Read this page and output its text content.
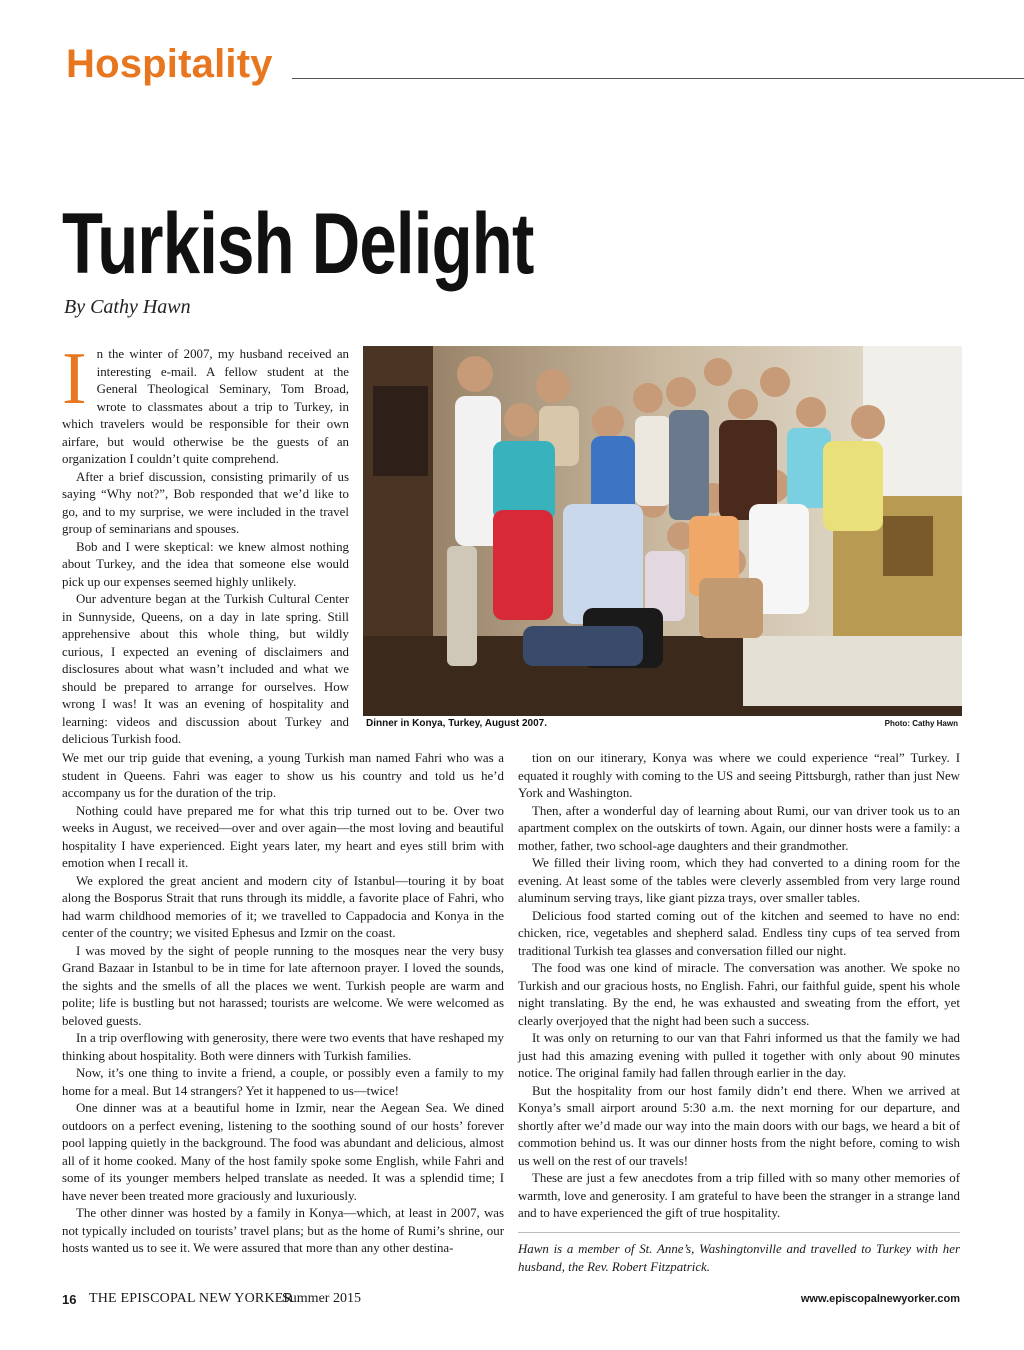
Hospitality
Turkish Delight
By Cathy Hawn

In the winter of 2007, my husband received an interesting e-mail. A fellow student at the General Theological Seminary, Tom Broad, wrote to classmates about a trip to Turkey, in which travelers would be responsible for their own airfare, but would otherwise be the guests of an organization I couldn’t quite comprehend.

After a brief discussion, consisting primarily of us saying “Why not?”, Bob responded that we’d like to go, and to my surprise, we were included in the travel group of seminarians and spouses.

Bob and I were skeptical: we knew almost nothing about Turkey, and the idea that someone else would pick up our expenses seemed highly unlikely.

Our adventure began at the Turkish Cultural Center in Sunnyside, Queens, on a day in late spring. Still apprehensive about this whole thing, but wildly curious, I expected an evening of disclaimers and disclosures about what wasn’t included and what we should be prepared to arrange for ourselves. How wrong I was! It was an evening of hospitality and learning: videos and discussion about Turkey and delicious Turkish food.

Dinner in Konya, Turkey, August 2007.	Photo: Cathy Hawn

We met our trip guide that evening, a young Turkish man named Fahri who was a student in Queens. Fahri was eager to show us his country and told us he’d accompany us for the duration of the trip.

Nothing could have prepared me for what this trip turned out to be. Over two weeks in August, we received—over and over again—the most loving and beautiful hospitality I have experienced. Eight years later, my heart and eyes still brim with emotion when I recall it.

We explored the great ancient and modern city of Istanbul—touring it by boat along the Bosporus Strait that runs through its middle, a favorite place of Fahri, who had warm childhood memories of it; we travelled to Cappadocia and Konya in the center of the country; we visited Ephesus and Izmir on the coast.

I was moved by the sight of people running to the mosques near the very busy Grand Bazaar in Istanbul to be in time for late afternoon prayer. I loved the sounds, the sights and the smells of all the places we went. Turkish people are warm and polite; life is bustling but not harassed; tourists are welcome. We were welcomed as beloved guests.

In a trip overflowing with generosity, there were two events that have reshaped my thinking about hospitality. Both were dinners with Turkish families.

Now, it’s one thing to invite a friend, a couple, or possibly even a family to my home for a meal. But 14 strangers? Yet it happened to us—twice!

One dinner was at a beautiful home in Izmir, near the Aegean Sea. We dined outdoors on a perfect evening, listening to the soothing sound of our hosts’ forever pool lapping quietly in the background. The food was abundant and delicious, almost all of it home cooked. Many of the host family spoke some English, while Fahri and some of its younger members helped translate as needed. It was a splendid time; I have never been treated more graciously and luxuriously.

The other dinner was hosted by a family in Konya—which, at least in 2007, was not typically included on tourists’ travel plans; but as the home of Rumi’s shrine, our hosts wanted us to see it. We were assured that more than any other destina-

tion on our itinerary, Konya was where we could experience “real” Turkey. I equated it roughly with coming to the US and seeing Pittsburgh, rather than just New York and Washington.

Then, after a wonderful day of learning about Rumi, our van driver took us to an apartment complex on the outskirts of town. Again, our dinner hosts were a family: a mother, father, two school-age daughters and their grandmother.

We filled their living room, which they had converted to a dining room for the evening. At least some of the tables were cleverly assembled from very large round aluminum serving trays, like giant pizza trays, over smaller tables.

Delicious food started coming out of the kitchen and seemed to have no end: chicken, rice, vegetables and shepherd salad. Endless tiny cups of tea served from traditional Turkish tea glasses and conversation filled our night.

The food was one kind of miracle. The conversation was another. We spoke no Turkish and our gracious hosts, no English. Fahri, our faithful guide, spent his whole night translating. By the end, he was exhausted and sweating from the effort, yet clearly overjoyed that the night had been such a success.

It was only on returning to our van that Fahri informed us that the family we had just had this amazing evening with pulled it together with only about 90 minutes notice. The original family had fallen through earlier in the day.

But the hospitality from our host family didn’t end there. When we arrived at Konya’s small airport around 5:30 a.m. the next morning for our departure, and shortly after we’d made our way into the main doors with our bags, we heard a bit of commotion behind us. It was our dinner hosts from the night before, coming to wish us well on the rest of our travels!

These are just a few anecdotes from a trip filled with so many other memories of warmth, love and generosity. I am grateful to have been the stranger in a strange land and to have experienced the gift of true hospitality.

Hawn is a member of St. Anne’s, Washingtonville and travelled to Turkey with her husband, the Rev. Robert Fitzpatrick.
16 THE EPISCOPAL NEW YORKER
Summer 2015	www.episcopalnewyorker.com
